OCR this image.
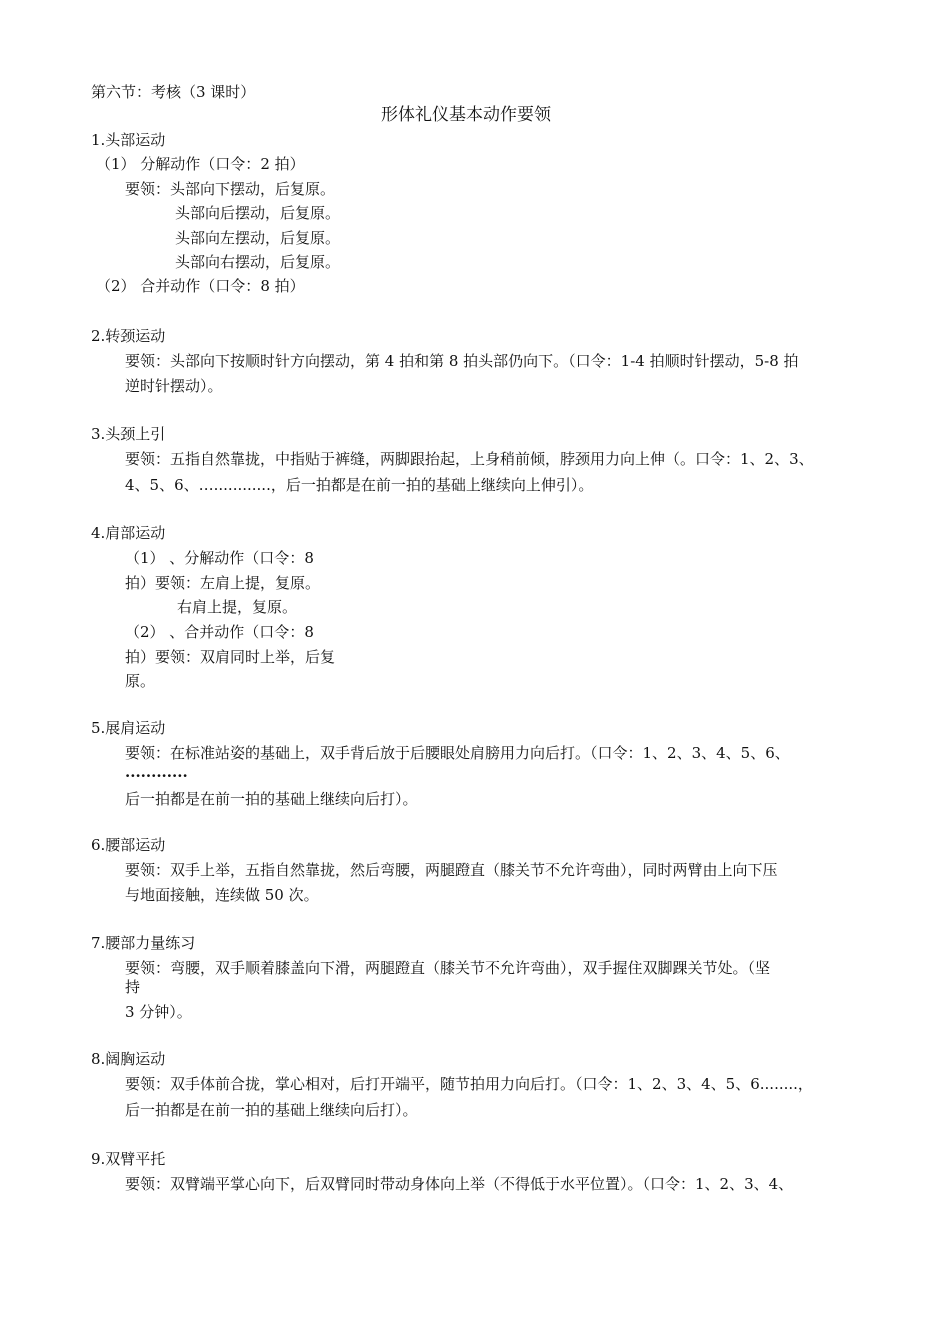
第六节：考核（3 课时）
形体礼仪基本动作要领
1.头部运动
（1） 分解动作（口令：2 拍）
要领：头部向下摆动，后复原。
头部向后摆动，后复原。
头部向左摆动，后复原。
头部向右摆动，后复原。
（2） 合并动作（口令：8 拍）
2.转颈运动
要领：头部向下按顺时针方向摆动，第 4 拍和第 8 拍头部仍向下。（口令：1-4 拍顺时针摆动，5-8 拍
逆时针摆动）。
3.头颈上引
要领：五指自然靠拢，中指贴于裤缝，两脚跟抬起，上身稍前倾，脖颈用力向上伸（。口令：1、2、3、
4、5、6、…............，后一拍都是在前一拍的基础上继续向上伸引）。
4.肩部运动
（1） 、分解动作（口令：8
拍）要领：左肩上提，复原。
右肩上提，复原。
（2） 、合并动作（口令：8
拍）要领：双肩同时上举，后复
原。
5.展肩运动
要领：在标准站姿的基础上，双手背后放于后腰眼处肩膀用力向后打。（口令：1、2、3、4、5、6、
............
后一拍都是在前一拍的基础上继续向后打）。
6.腰部运动
要领：双手上举，五指自然靠拢，然后弯腰，两腿蹬直（膝关节不允许弯曲），同时两臂由上向下压
与地面接触，连续做 50 次。
7.腰部力量练习
要领：弯腰，双手顺着膝盖向下滑，两腿蹬直（膝关节不允许弯曲），双手握住双脚踝关节处。（坚
持
3 分钟）。
8.阔胸运动
要领：双手体前合拢，掌心相对，后打开端平，随节拍用力向后打。（口令：1、2、3、4、5、6........，
后一拍都是在前一拍的基础上继续向后打）。
9.双臂平托
要领：双臂端平掌心向下，后双臂同时带动身体向上举（不得低于水平位置）。（口令：1、2、3、4、
